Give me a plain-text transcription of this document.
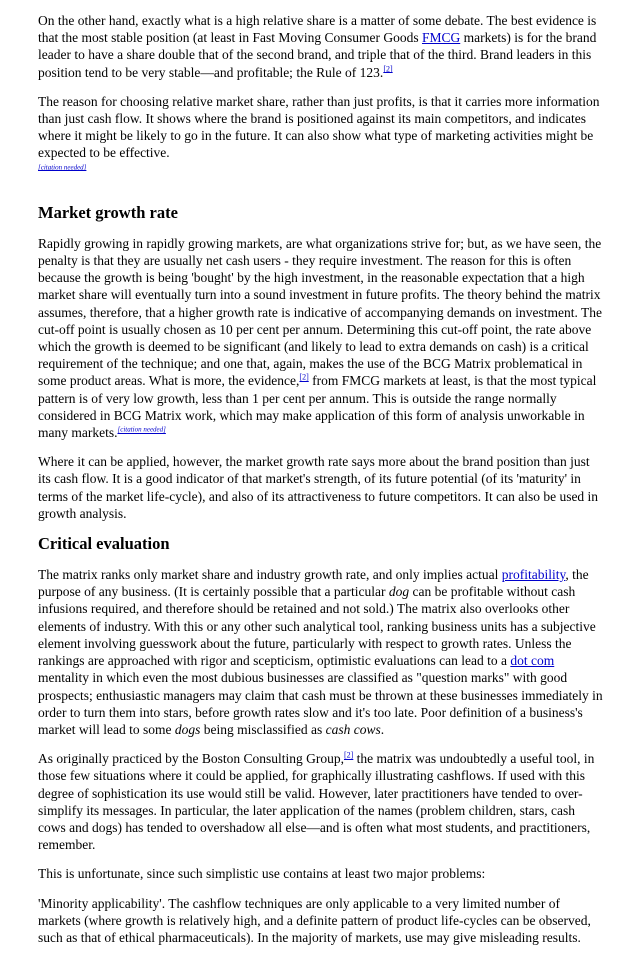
On the other hand, exactly what is a high relative share is a matter of some debate. The best evidence is that the most stable position (at least in Fast Moving Consumer Goods FMCG markets) is for the brand leader to have a share double that of the second brand, and triple that of the third. Brand leaders in this position tend to be very stable—and profitable; the Rule of 123.[2]

The reason for choosing relative market share, rather than just profits, is that it carries more information than just cash flow. It shows where the brand is positioned against its main competitors, and indicates where it might be likely to go in the future. It can also show what type of marketing activities might be expected to be effective.
[citation needed]

Market growth rate

Rapidly growing in rapidly growing markets, are what organizations strive for; but, as we have seen, the penalty is that they are usually net cash users - they require investment. The reason for this is often because the growth is being 'bought' by the high investment, in the reasonable expectation that a high market share will eventually turn into a sound investment in future profits. The theory behind the matrix assumes, therefore, that a higher growth rate is indicative of accompanying demands on investment. The cut-off point is usually chosen as 10 per cent per annum. Determining this cut-off point, the rate above which the growth is deemed to be significant (and likely to lead to extra demands on cash) is a critical requirement of the technique; and one that, again, makes the use of the BCG Matrix problematical in some product areas. What is more, the evidence,[2] from FMCG markets at least, is that the most typical pattern is of very low growth, less than 1 per cent per annum. This is outside the range normally considered in BCG Matrix work, which may make application of this form of analysis unworkable in many markets.[citation needed]

Where it can be applied, however, the market growth rate says more about the brand position than just its cash flow. It is a good indicator of that market's strength, of its future potential (of its 'maturity' in terms of the market life-cycle), and also of its attractiveness to future competitors. It can also be used in growth analysis.

Critical evaluation

The matrix ranks only market share and industry growth rate, and only implies actual profitability, the purpose of any business. (It is certainly possible that a particular dog can be profitable without cash infusions required, and therefore should be retained and not sold.) The matrix also overlooks other elements of industry. With this or any other such analytical tool, ranking business units has a subjective element involving guesswork about the future, particularly with respect to growth rates. Unless the rankings are approached with rigor and scepticism, optimistic evaluations can lead to a dot com mentality in which even the most dubious businesses are classified as "question marks" with good prospects; enthusiastic managers may claim that cash must be thrown at these businesses immediately in order to turn them into stars, before growth rates slow and it's too late. Poor definition of a business's market will lead to some dogs being misclassified as cash cows.

As originally practiced by the Boston Consulting Group,[2] the matrix was undoubtedly a useful tool, in those few situations where it could be applied, for graphically illustrating cashflows. If used with this degree of sophistication its use would still be valid. However, later practitioners have tended to over-simplify its messages. In particular, the later application of the names (problem children, stars, cash cows and dogs) has tended to overshadow all else—and is often what most students, and practitioners, remember.

This is unfortunate, since such simplistic use contains at least two major problems:

'Minority applicability'. The cashflow techniques are only applicable to a very limited number of markets (where growth is relatively high, and a definite pattern of product life-cycles can be observed, such as that of ethical pharmaceuticals). In the majority of markets, use may give misleading results.
